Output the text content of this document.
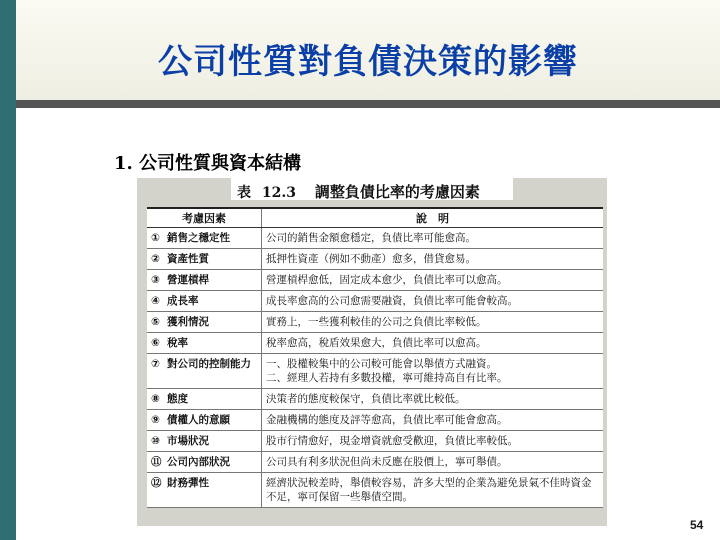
公司性質對負債決策的影響
1. 公司性質與資本結構
表 12.3 調整負債比率的考慮因素
考慮因素	說　明
① 銷售之穩定性	公司的銷售金額愈穩定，負債比率可能愈高。
② 資產性質	抵押性資產（例如不動產）愈多，借貸愈易。
③ 營運槓桿	營運槓桿愈低，固定成本愈少，負債比率可以愈高。
④ 成長率	成長率愈高的公司愈需要融資，負債比率可能會較高。
⑤ 獲利情況	實務上，一些獲利較佳的公司之負債比率較低。
⑥ 稅率	稅率愈高，稅盾效果愈大，負債比率可以愈高。
⑦ 對公司的控制能力	一、股權較集中的公司較可能會以舉債方式融資。
二、經理人若持有多數投權，寧可維持高自有比率。
⑧ 態度	決策者的態度較保守，負債比率就比較低。
⑨ 債權人的意願	金融機構的態度及評等愈高，負債比率可能會愈高。
⑩ 市場狀況	股市行情愈好，現金增資就愈受歡迎，負債比率較低。
⑪ 公司內部狀況	公司具有利多狀況但尚未反應在股價上，寧可舉債。
⑫ 財務彈性	經濟狀況較差時，舉債較容易，許多大型的企業為避免景氣不佳時資金不足，寧可保留一些舉債空間。
54
